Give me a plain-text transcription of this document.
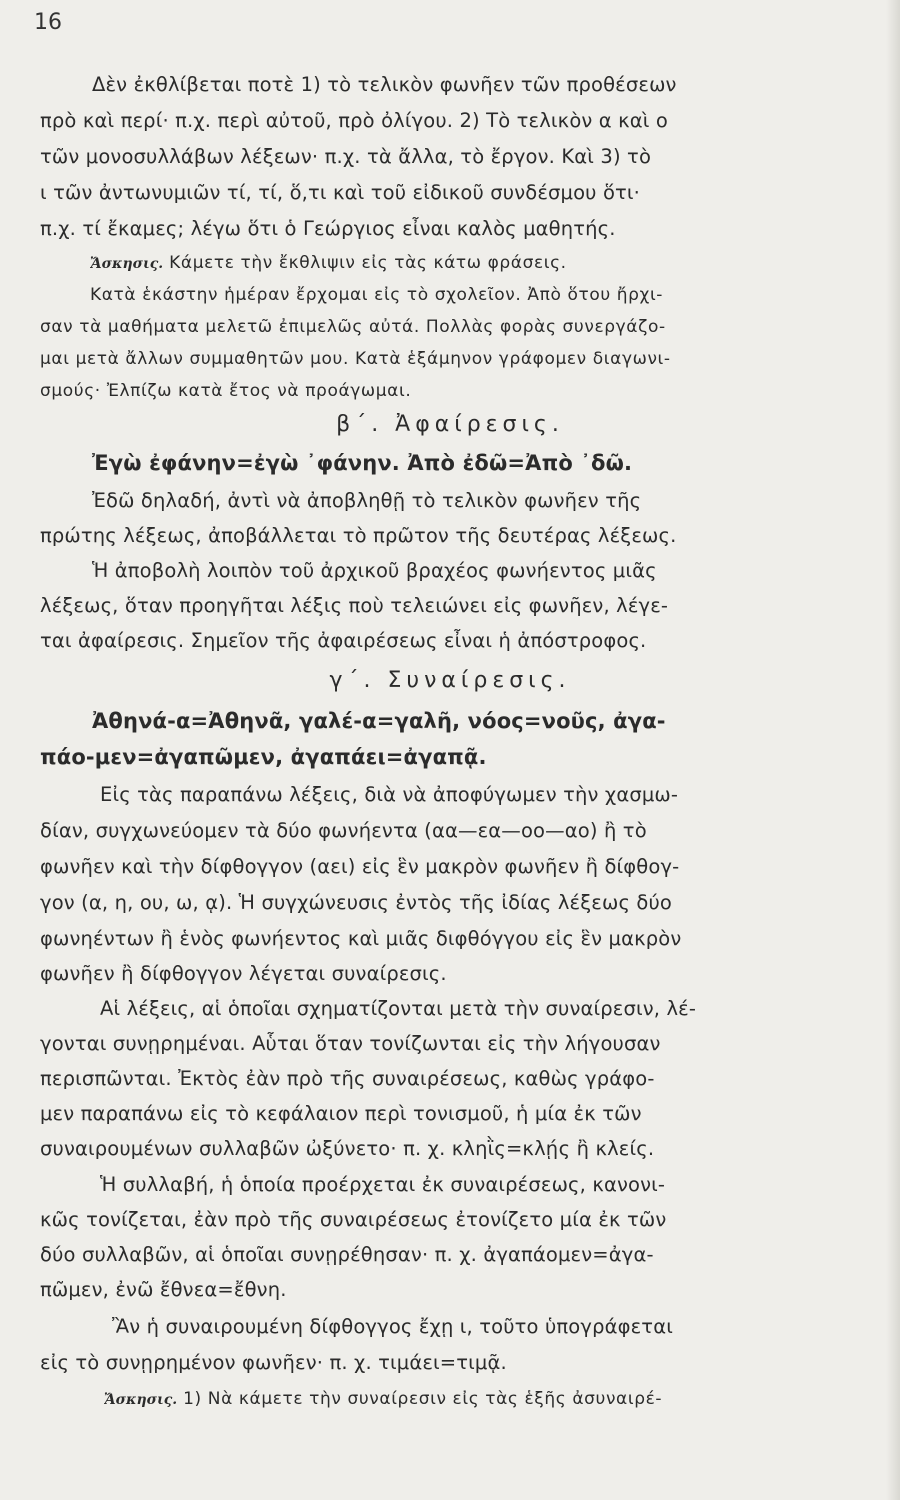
16
Δὲν ἐκθλίβεται ποτὲ 1) τὸ τελικὸν φωνῆεν τῶν προθέσεων
πρὸ καὶ περί· π.χ. περὶ αὐτοῦ, πρὸ ὀλίγου. 2) Τὸ τελικὸν α καὶ ο
τῶν μονοσυλλάβων λέξεων· π.χ. τὰ ἄλλα, τὸ ἔργον. Καὶ 3) τὸ
ι τῶν ἀντωνυμιῶν τί, τί, ὅ,τι καὶ τοῦ εἰδικοῦ συνδέσμου ὅτι·
π.χ. τί ἔκαμες; λέγω ὅτι ὁ Γεώργιος εἶναι καλὸς μαθητής.
Ἄσκησις. Κάμετε τὴν ἔκθλιψιν εἰς τὰς κάτω φράσεις.
Κατὰ ἑκάστην ἡμέραν ἔρχομαι εἰς τὸ σχολεῖον. Ἀπὸ ὅτου ἤρχι-
σαν τὰ μαθήματα μελετῶ ἐπιμελῶς αὐτά. Πολλὰς φορὰς συνεργάζο-
μαι μετὰ ἄλλων συμμαθητῶν μου. Κατὰ ἑξάμηνον γράφομεν διαγωνι-
σμούς· Ἐλπίζω κατὰ ἔτος νὰ προάγωμαι.
β΄. Ἀφαίρεσις.
Ἐγὼ ἐφάνην=ἐγὼ ᾿φάνην. Ἀπὸ ἐδῶ=Ἀπὸ ᾿δῶ.
Ἐδῶ δηλαδή, ἀντὶ νὰ ἀποβληθῇ τὸ τελικὸν φωνῆεν τῆς
πρώτης λέξεως, ἀποβάλλεται τὸ πρῶτον τῆς δευτέρας λέξεως.
Ἡ ἀποβολὴ λοιπὸν τοῦ ἀρχικοῦ βραχέος φωνήεντος μιᾶς
λέξεως, ὅταν προηγῆται λέξις ποὺ τελειώνει εἰς φωνῆεν, λέγε-
ται ἀφαίρεσις. Σημεῖον τῆς ἀφαιρέσεως εἶναι ἡ ἀπόστροφος.
γ΄. Συναίρεσις.
Ἀθηνά-α=Ἀθηνᾶ, γαλέ-α=γαλῆ, νόος=νοῦς, ἀγα-
πάο-μεν=ἀγαπῶμεν, ἀγαπάει=ἀγαπᾷ.
Εἰς τὰς παραπάνω λέξεις, διὰ νὰ ἀποφύγωμεν τὴν χασμω-
δίαν, συγχωνεύομεν τὰ δύο φωνήεντα (αα—εα—οο—αο) ἢ τὸ
φωνῆεν καὶ τὴν δίφθογγον (αει) εἰς ἓν μακρὸν φωνῆεν ἢ δίφθογ-
γον (α, η, ου, ω, ᾳ). Ἡ συγχώνευσις ἐντὸς τῆς ἰδίας λέξεως δύο
φωνηέντων ἢ ἑνὸς φωνήεντος καὶ μιᾶς διφθόγγου εἰς ἓν μακρὸν
φωνῆεν ἢ δίφθογγον λέγεται συναίρεσις.
Αἱ λέξεις, αἱ ὁποῖαι σχηματίζονται μετὰ τὴν συναίρεσιν, λέ-
γονται συνῃρημέναι. Αὗται ὅταν τονίζωνται εἰς τὴν λήγουσαν
περισπῶνται. Ἐκτὸς ἐὰν πρὸ τῆς συναιρέσεως, καθὼς γράφο-
μεν παραπάνω εἰς τὸ κεφάλαιον περὶ τονισμοῦ, ἡ μία ἐκ τῶν
συναιρουμένων συλλαβῶν ὠξύνετο· π. χ. κληῒς=κλῄς ἢ κλείς.
Ἡ συλλαβή, ἡ ὁποία προέρχεται ἐκ συναιρέσεως, κανονι-
κῶς τονίζεται, ἐὰν πρὸ τῆς συναιρέσεως ἐτονίζετο μία ἐκ τῶν
δύο συλλαβῶν, αἱ ὁποῖαι συνῃρέθησαν· π. χ. ἀγαπάομεν=ἀγα-
πῶμεν, ἐνῶ ἔθνεα=ἔθνη.
Ἂν ἡ συναιρουμένη δίφθογγος ἔχῃ ι, τοῦτο ὑπογράφεται
εἰς τὸ συνῃρημένον φωνῆεν· π. χ. τιμάει=τιμᾷ.
Ἄσκησις. 1) Νὰ κάμετε τὴν συναίρεσιν εἰς τὰς ἑξῆς ἀσυναιρέ-
